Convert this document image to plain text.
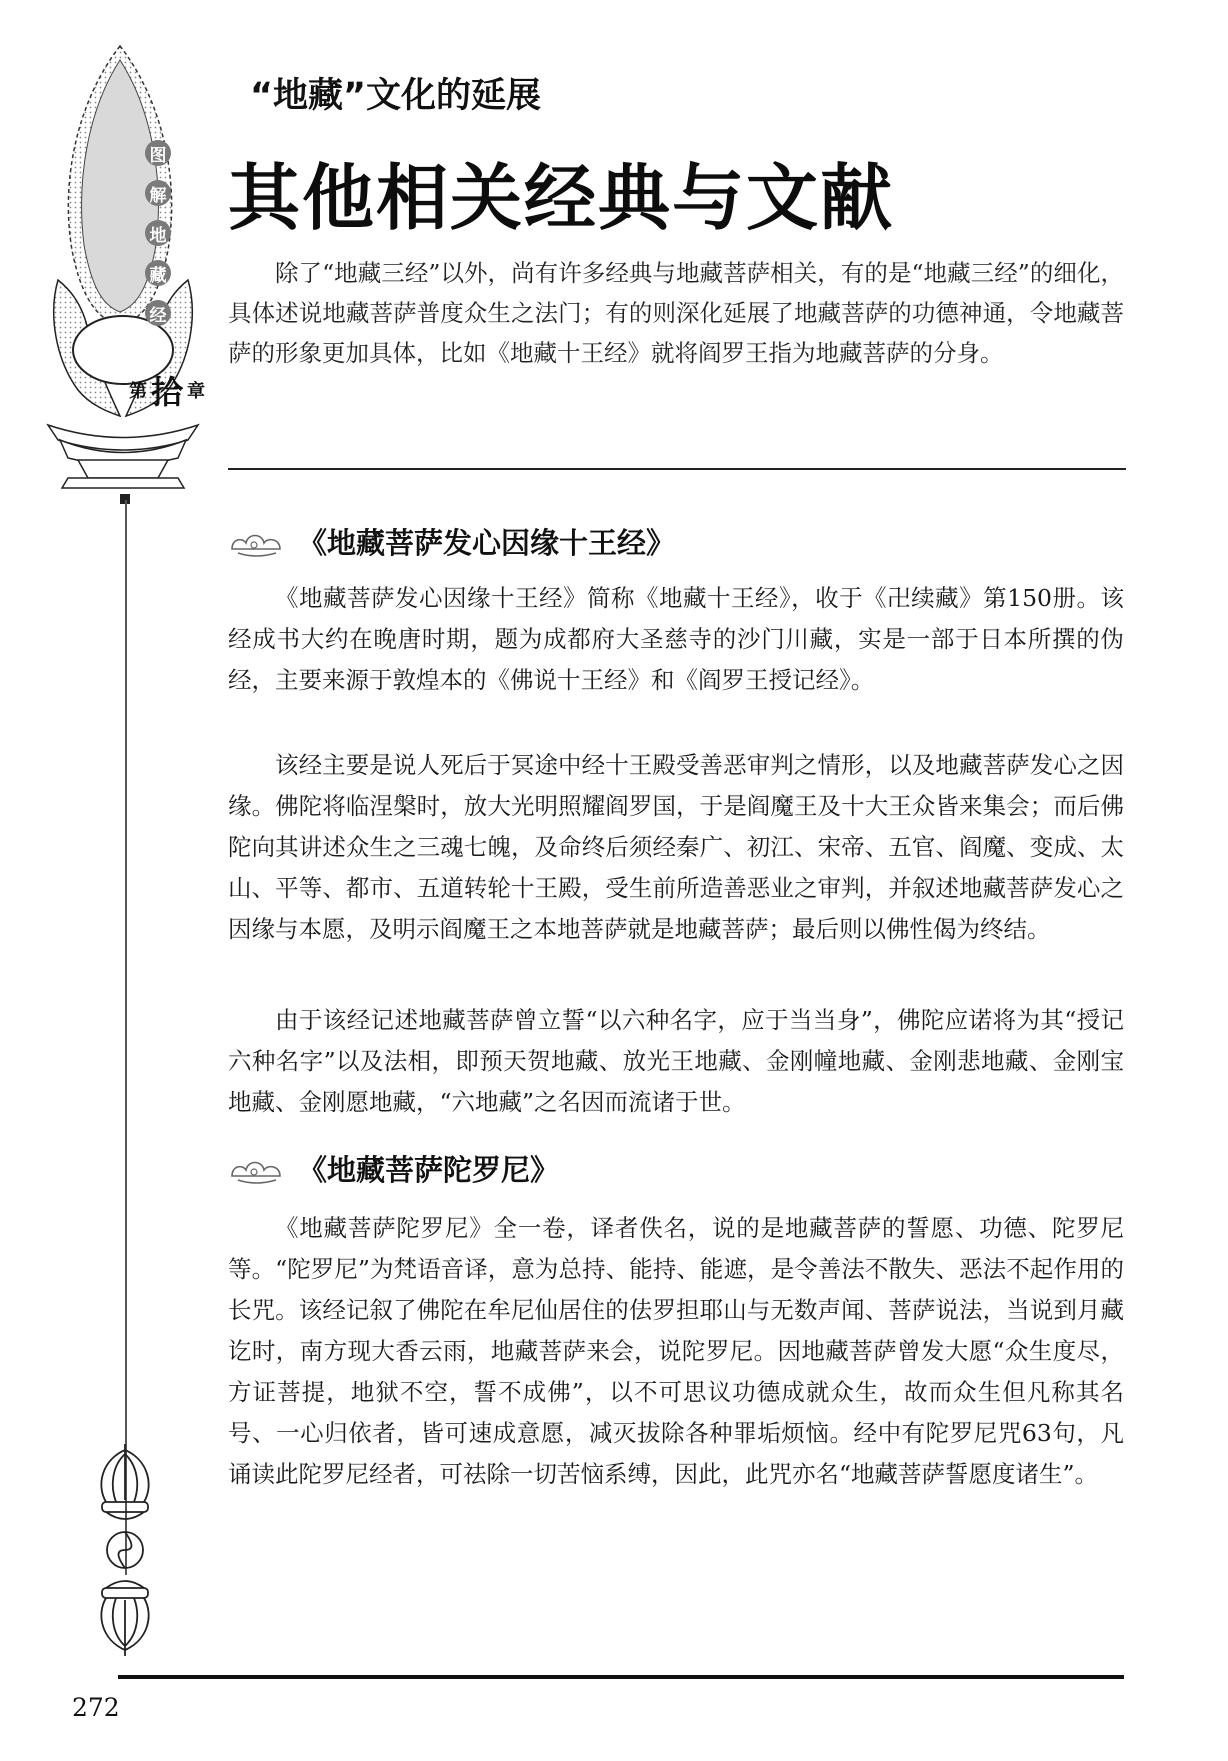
图
解
地
藏
经
第 拾 章
“地藏”文化的延展
其他相关经典与文献

除了“地藏三经”以外，尚有许多经典与地藏菩萨相关，有的是“地藏三经”的细化，具体述说地藏菩萨普度众生之法门；有的则深化延展了地藏菩萨的功德神通，令地藏菩萨的形象更加具体，比如《地藏十王经》就将阎罗王指为地藏菩萨的分身。

《地藏菩萨发心因缘十王经》

《地藏菩萨发心因缘十王经》简称《地藏十王经》，收于《卍续藏》第150册。该经成书大约在晚唐时期，题为成都府大圣慈寺的沙门川藏，实是一部于日本所撰的伪经，主要来源于敦煌本的《佛说十王经》和《阎罗王授记经》。

该经主要是说人死后于冥途中经十王殿受善恶审判之情形，以及地藏菩萨发心之因缘。佛陀将临涅槃时，放大光明照耀阎罗国，于是阎魔王及十大王众皆来集会；而后佛陀向其讲述众生之三魂七魄，及命终后须经秦广、初江、宋帝、五官、阎魔、变成、太山、平等、都市、五道转轮十王殿，受生前所造善恶业之审判，并叙述地藏菩萨发心之因缘与本愿，及明示阎魔王之本地菩萨就是地藏菩萨；最后则以佛性偈为终结。

由于该经记述地藏菩萨曾立誓“以六种名字，应于当当身”，佛陀应诺将为其“授记六种名字”以及法相，即预天贺地藏、放光王地藏、金刚幢地藏、金刚悲地藏、金刚宝地藏、金刚愿地藏，“六地藏”之名因而流诸于世。

《地藏菩萨陀罗尼》

《地藏菩萨陀罗尼》全一卷，译者佚名，说的是地藏菩萨的誓愿、功德、陀罗尼等。“陀罗尼”为梵语音译，意为总持、能持、能遮，是令善法不散失、恶法不起作用的长咒。该经记叙了佛陀在牟尼仙居住的佉罗担耶山与无数声闻、菩萨说法，当说到月藏讫时，南方现大香云雨，地藏菩萨来会，说陀罗尼。因地藏菩萨曾发大愿“众生度尽， 方证菩提，地狱不空，誓不成佛”，以不可思议功德成就众生，故而众生但凡称其名号、一心归依者，皆可速成意愿，减灭拔除各种罪垢烦恼。经中有陀罗尼咒63句，凡诵读此陀罗尼经者，可祛除一切苦恼系缚，因此，此咒亦名“地藏菩萨誓愿度诸生”。

272
